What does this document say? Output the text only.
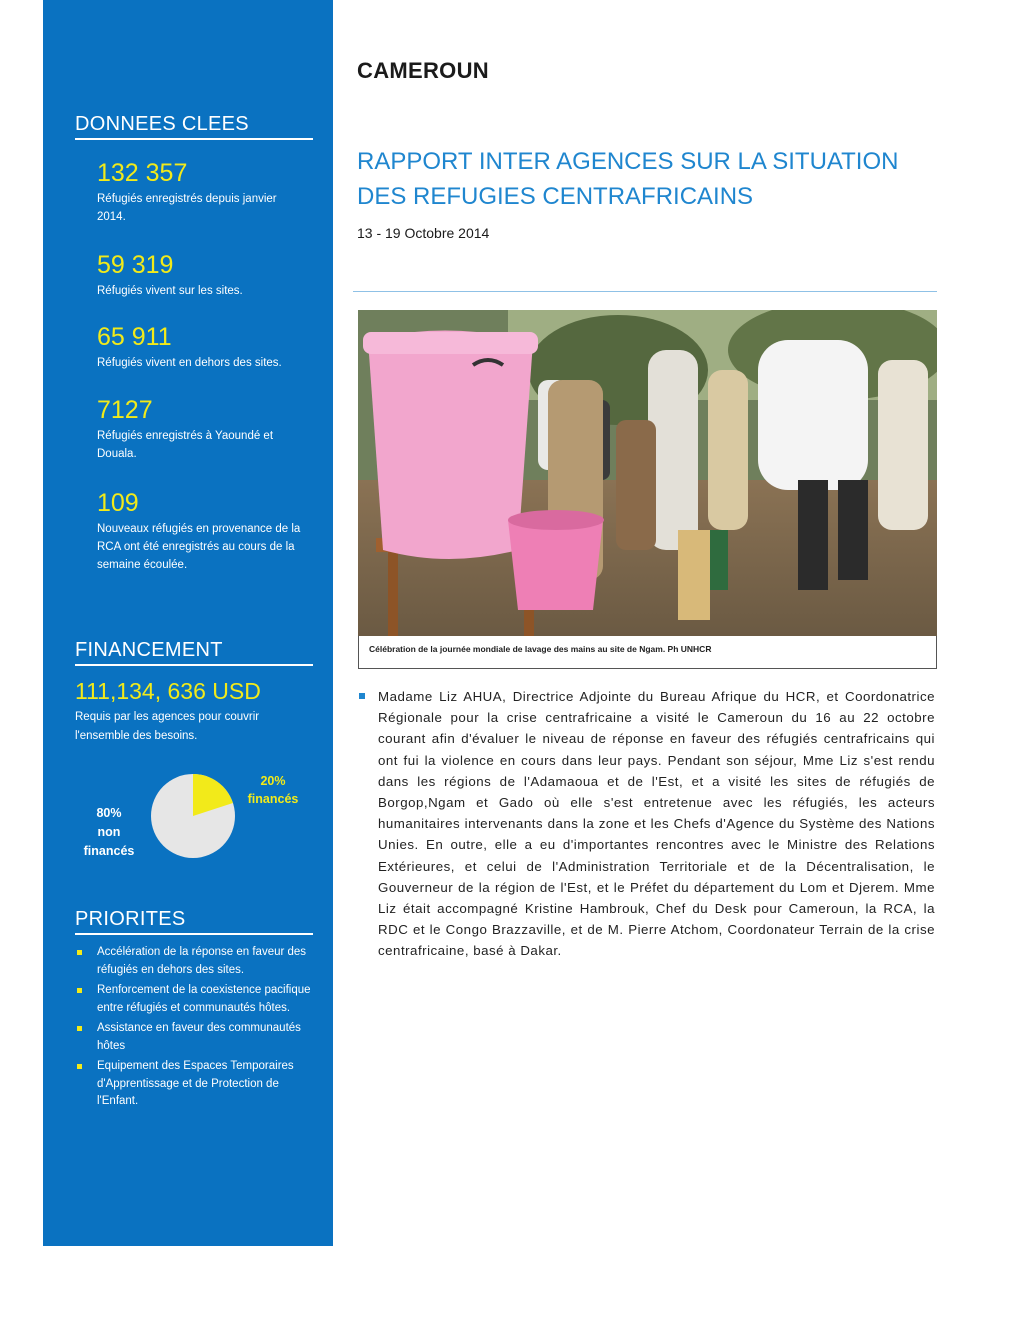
DONNEES CLEES
132 357
Réfugiés enregistrés depuis janvier 2014.
59 319
Réfugiés vivent sur les sites.
65 911
Réfugiés vivent en dehors des sites.
7127
Réfugiés enregistrés à Yaoundé et Douala.
109
Nouveaux réfugiés en provenance de la RCA ont été enregistrés au cours de la semaine écoulée.
FINANCEMENT
111,134, 636 USD
Requis par les agences pour couvrir l'ensemble des besoins.
20%
financés
80%
non
financés
PRIORITES
Accélération de la réponse en faveur des réfugiés en dehors des sites.
Renforcement de la coexistence pacifique entre réfugiés et communautés hôtes.
Assistance en faveur des communautés hôtes
Equipement des Espaces Temporaires d'Apprentissage et de Protection de l'Enfant.
CAMEROUN
RAPPORT INTER AGENCES SUR LA SITUATION
DES REFUGIES CENTRAFRICAINS
13 - 19 Octobre 2014
Célébration de la journée mondiale de lavage des mains au site de Ngam. Ph UNHCR
Madame Liz AHUA, Directrice Adjointe du Bureau Afrique du HCR, et Coordonatrice Régionale pour la crise centrafricaine a visité le Cameroun du 16 au 22 octobre courant afin d'évaluer le niveau de réponse en faveur des réfugiés centrafricains qui ont fui la violence en cours dans leur pays. Pendant son séjour, Mme Liz s'est rendu dans les régions de l'Adamaoua et de l'Est, et a visité les sites de réfugiés de Borgop,Ngam et Gado où elle s'est entretenue avec les réfugiés, les acteurs humanitaires intervenants dans la zone et les Chefs d'Agence du Système des Nations Unies. En outre, elle a eu d'importantes rencontres avec le Ministre des Relations Extérieures, et celui de l'Administration Territoriale et de la Décentralisation, le Gouverneur de la région de l'Est, et le Préfet du département du Lom et Djerem. Mme Liz était accompagné Kristine Hambrouk, Chef du Desk pour Cameroun, la RCA, la RDC et le Congo Brazzaville, et de M. Pierre Atchom, Coordonateur Terrain de la crise centrafricaine, basé à Dakar.
